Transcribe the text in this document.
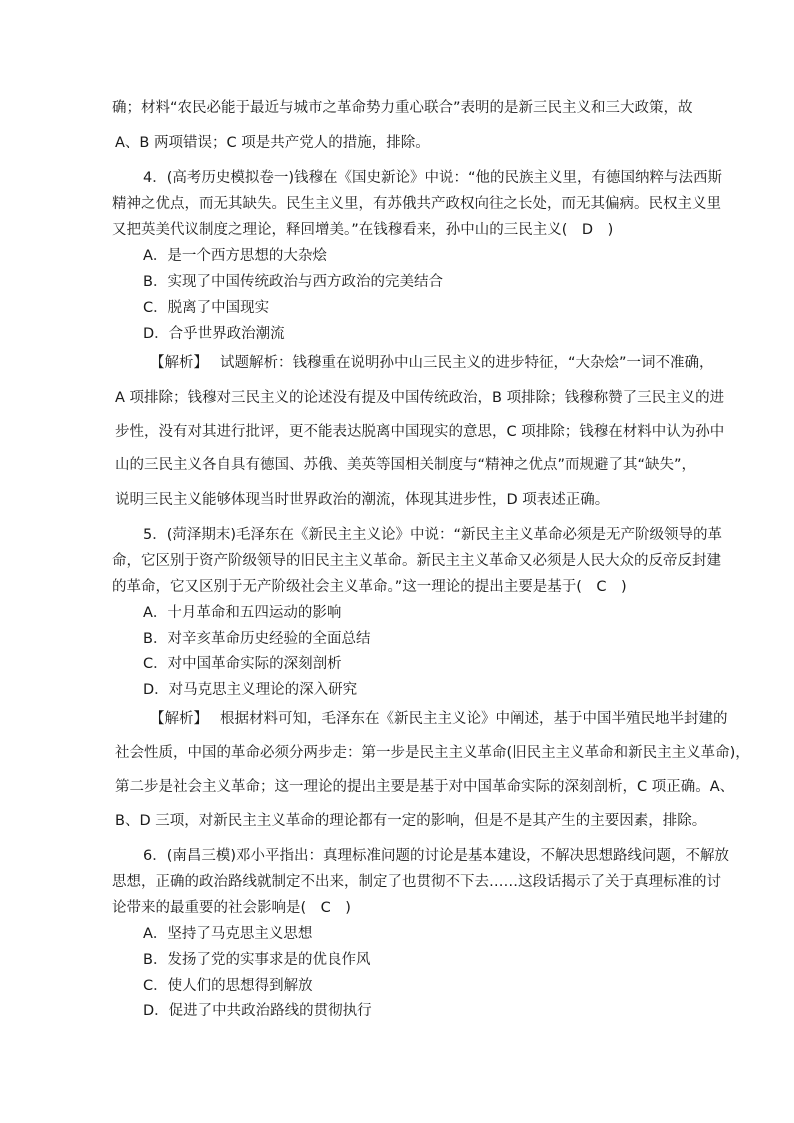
确；材料“农民必能于最近与城市之革命势力重心联合”表明的是新三民主义和三大政策，故
A、B 两项错误；C 项是共产党人的措施，排除。
4．(高考历史模拟卷一)钱穆在《国史新论》中说：“他的民族主义里，有德国纳粹与法西斯
精神之优点，而无其缺失。民生主义里，有苏俄共产政权向往之长处，而无其偏病。民权主义里
又把英美代议制度之理论，释回增美。”在钱穆看来，孙中山的三民主义(　D　)
A．是一个西方思想的大杂烩
B．实现了中国传统政治与西方政治的完美结合
C．脱离了中国现实
D．合乎世界政治潮流
【解析】 试题解析：钱穆重在说明孙中山三民主义的进步特征，“大杂烩”一词不准确，
A 项排除；钱穆对三民主义的论述没有提及中国传统政治，B 项排除；钱穆称赞了三民主义的进
步性，没有对其进行批评，更不能表达脱离中国现实的意思，C 项排除；钱穆在材料中认为孙中
山的三民主义各自具有德国、苏俄、美英等国相关制度与“精神之优点”而规避了其“缺失”，
说明三民主义能够体现当时世界政治的潮流，体现其进步性，D 项表述正确。
5．(菏泽期末)毛泽东在《新民主主义论》中说：“新民主主义革命必须是无产阶级领导的革
命，它区别于资产阶级领导的旧民主主义革命。新民主主义革命又必须是人民大众的反帝反封建
的革命，它又区别于无产阶级社会主义革命。”这一理论的提出主要是基于(　C　)
A．十月革命和五四运动的影响
B．对辛亥革命历史经验的全面总结
C．对中国革命实际的深刻剖析
D．对马克思主义理论的深入研究
【解析】 根据材料可知，毛泽东在《新民主主义论》中阐述，基于中国半殖民地半封建的
社会性质，中国的革命必须分两步走：第一步是民主主义革命(旧民主主义革命和新民主主义革命)，
第二步是社会主义革命；这一理论的提出主要是基于对中国革命实际的深刻剖析，C 项正确。A、
B、D 三项，对新民主主义革命的理论都有一定的影响，但是不是其产生的主要因素，排除。
6．(南昌三模)邓小平指出：真理标准问题的讨论是基本建设，不解决思想路线问题，不解放
思想，正确的政治路线就制定不出来，制定了也贯彻不下去……这段话揭示了关于真理标准的讨
论带来的最重要的社会影响是(　C　)
A．坚持了马克思主义思想
B．发扬了党的实事求是的优良作风
C．使人们的思想得到解放
D．促进了中共政治路线的贯彻执行
